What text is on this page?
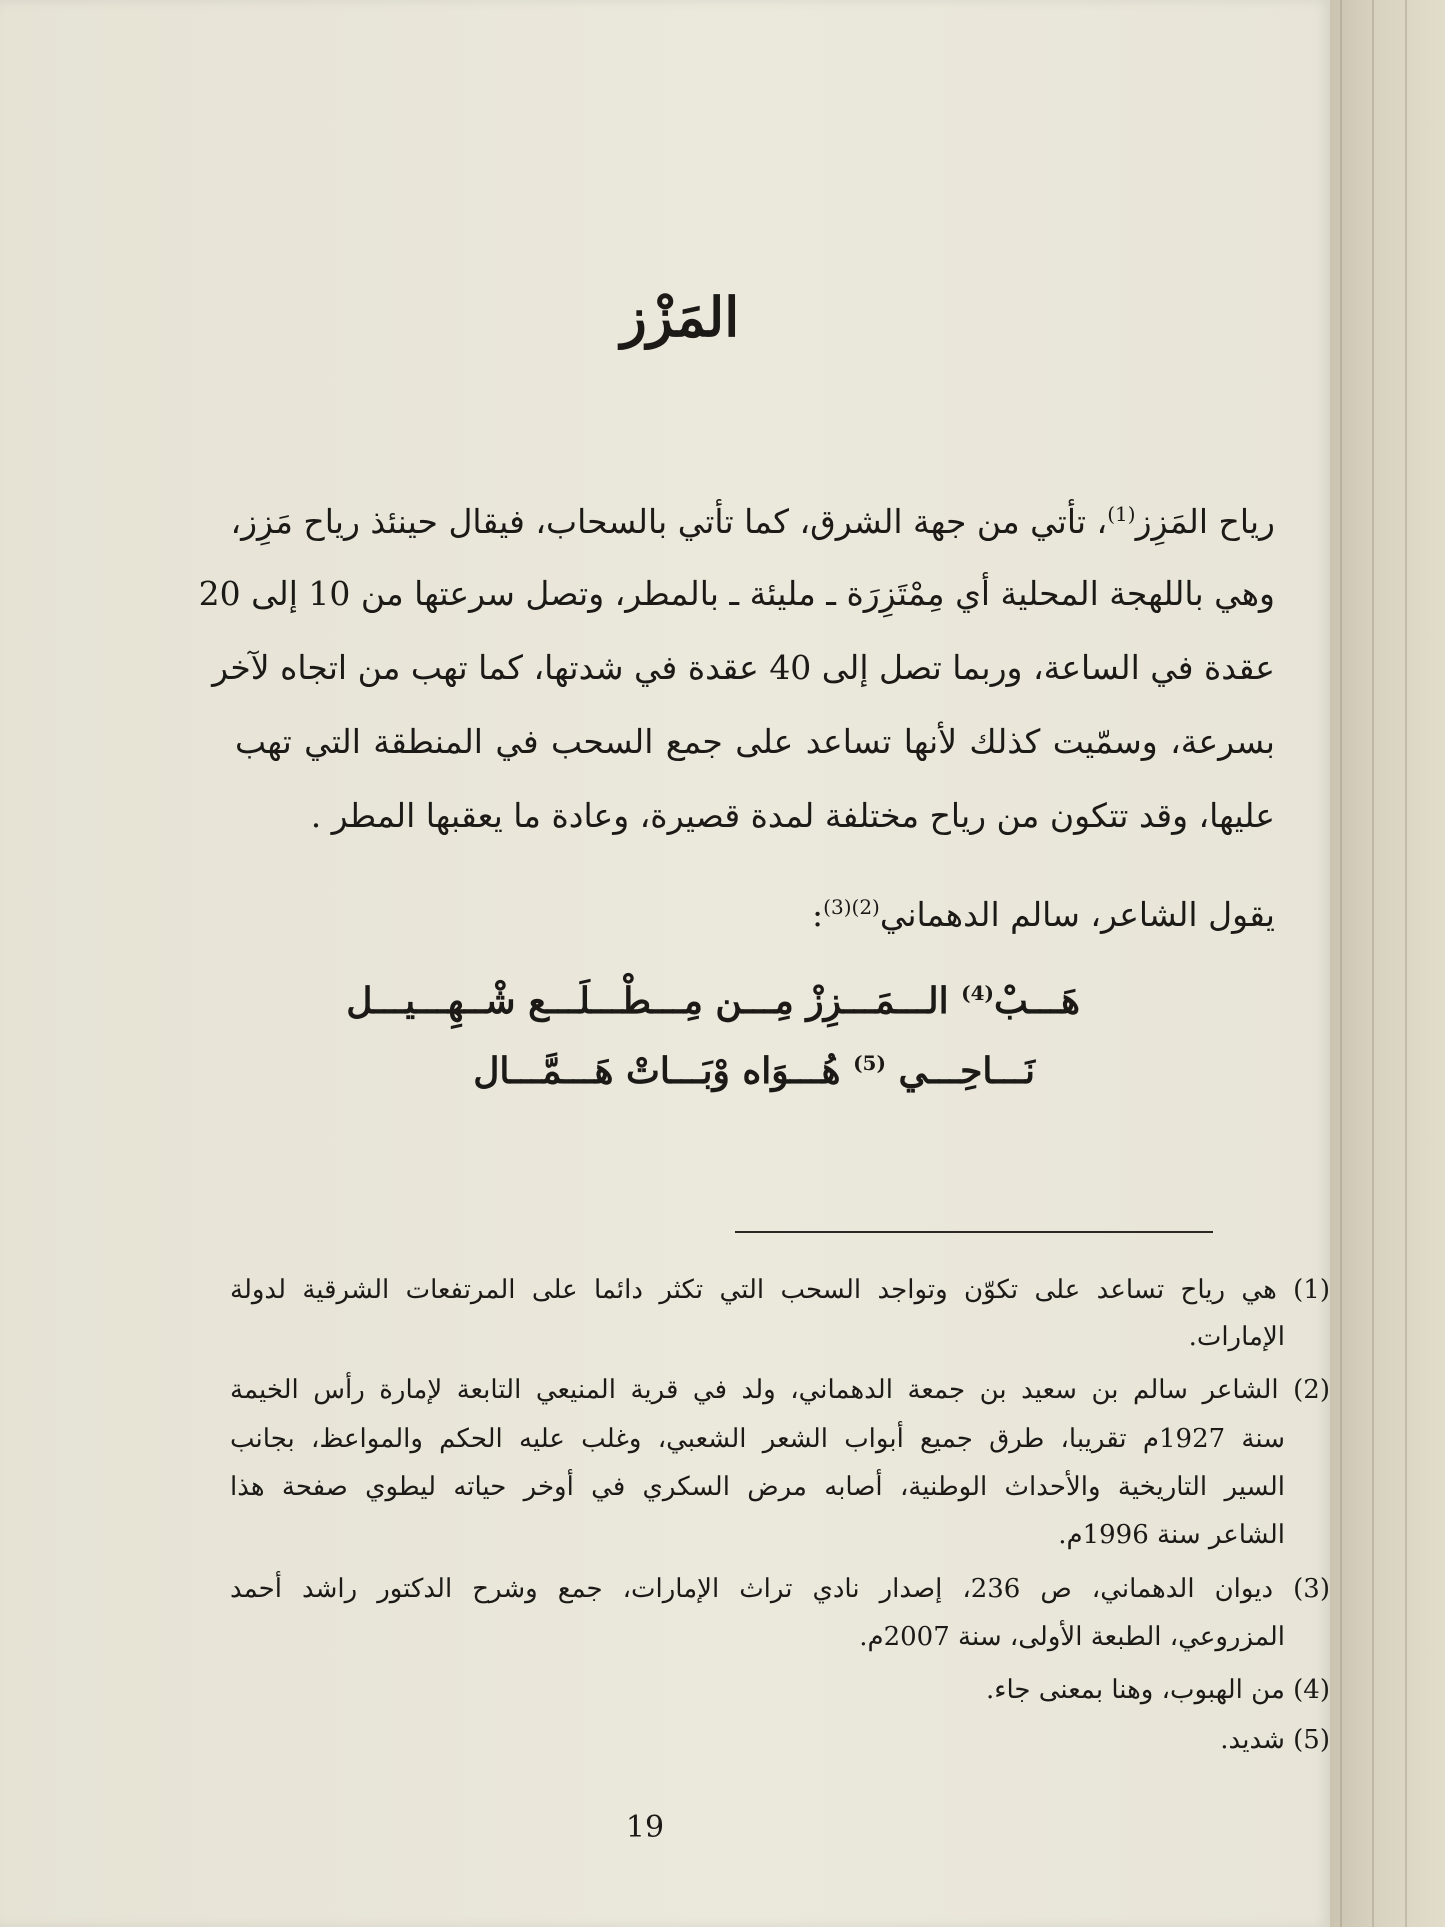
المَزْز
رياح المَزِز$^{(1)}$، تأتي من جهة الشرق، كما تأتي بالسحاب، فيقال حينئذ رياح مَزِز،
وهي باللهجة المحلية أي مِمْتَزِرَة ـ مليئة ـ بالمطر، وتصل سرعتها من 10 إلى 20
عقدة في الساعة، وربما تصل إلى 40 عقدة في شدتها، كما تهب من اتجاه لآخر
بسرعة، وسمّيت كذلك لأنها تساعد على جمع السحب في المنطقة التي تهب
عليها، وقد تتكون من رياح مختلفة لمدة قصيرة، وعادة ما يعقبها المطر .
يقول الشاعر، سالم الدهماني$^{(2)(3)}$:
هَـــبْ$^{(4)}$ الـــمَـــزِزْ مِـــن مِـــطْـــلَـــع شْــهِـــيـــل
نَـــاحِـــي $^{(5)}$ هُـــوَاه وْبَـــاتْ هَـــمَّـــال
(1) هي رياح تساعد على تكوّن وتواجد السحب التي تكثر دائما على المرتفعات الشرقية لدولة
الإمارات.
(2) الشاعر سالم بن سعيد بن جمعة الدهماني، ولد في قرية المنيعي التابعة لإمارة رأس الخيمة
سنة 1927م تقريبا، طرق جميع أبواب الشعر الشعبي، وغلب عليه الحكم والمواعظ، بجانب
السير التاريخية والأحداث الوطنية، أصابه مرض السكري في أوخر حياته ليطوي صفحة هذا
الشاعر سنة 1996م.
(3) ديوان الدهماني، ص 236، إصدار نادي تراث الإمارات، جمع وشرح الدكتور راشد أحمد
المزروعي، الطبعة الأولى، سنة 2007م.
(4) من الهبوب، وهنا بمعنى جاء.
(5) شديد.
19
